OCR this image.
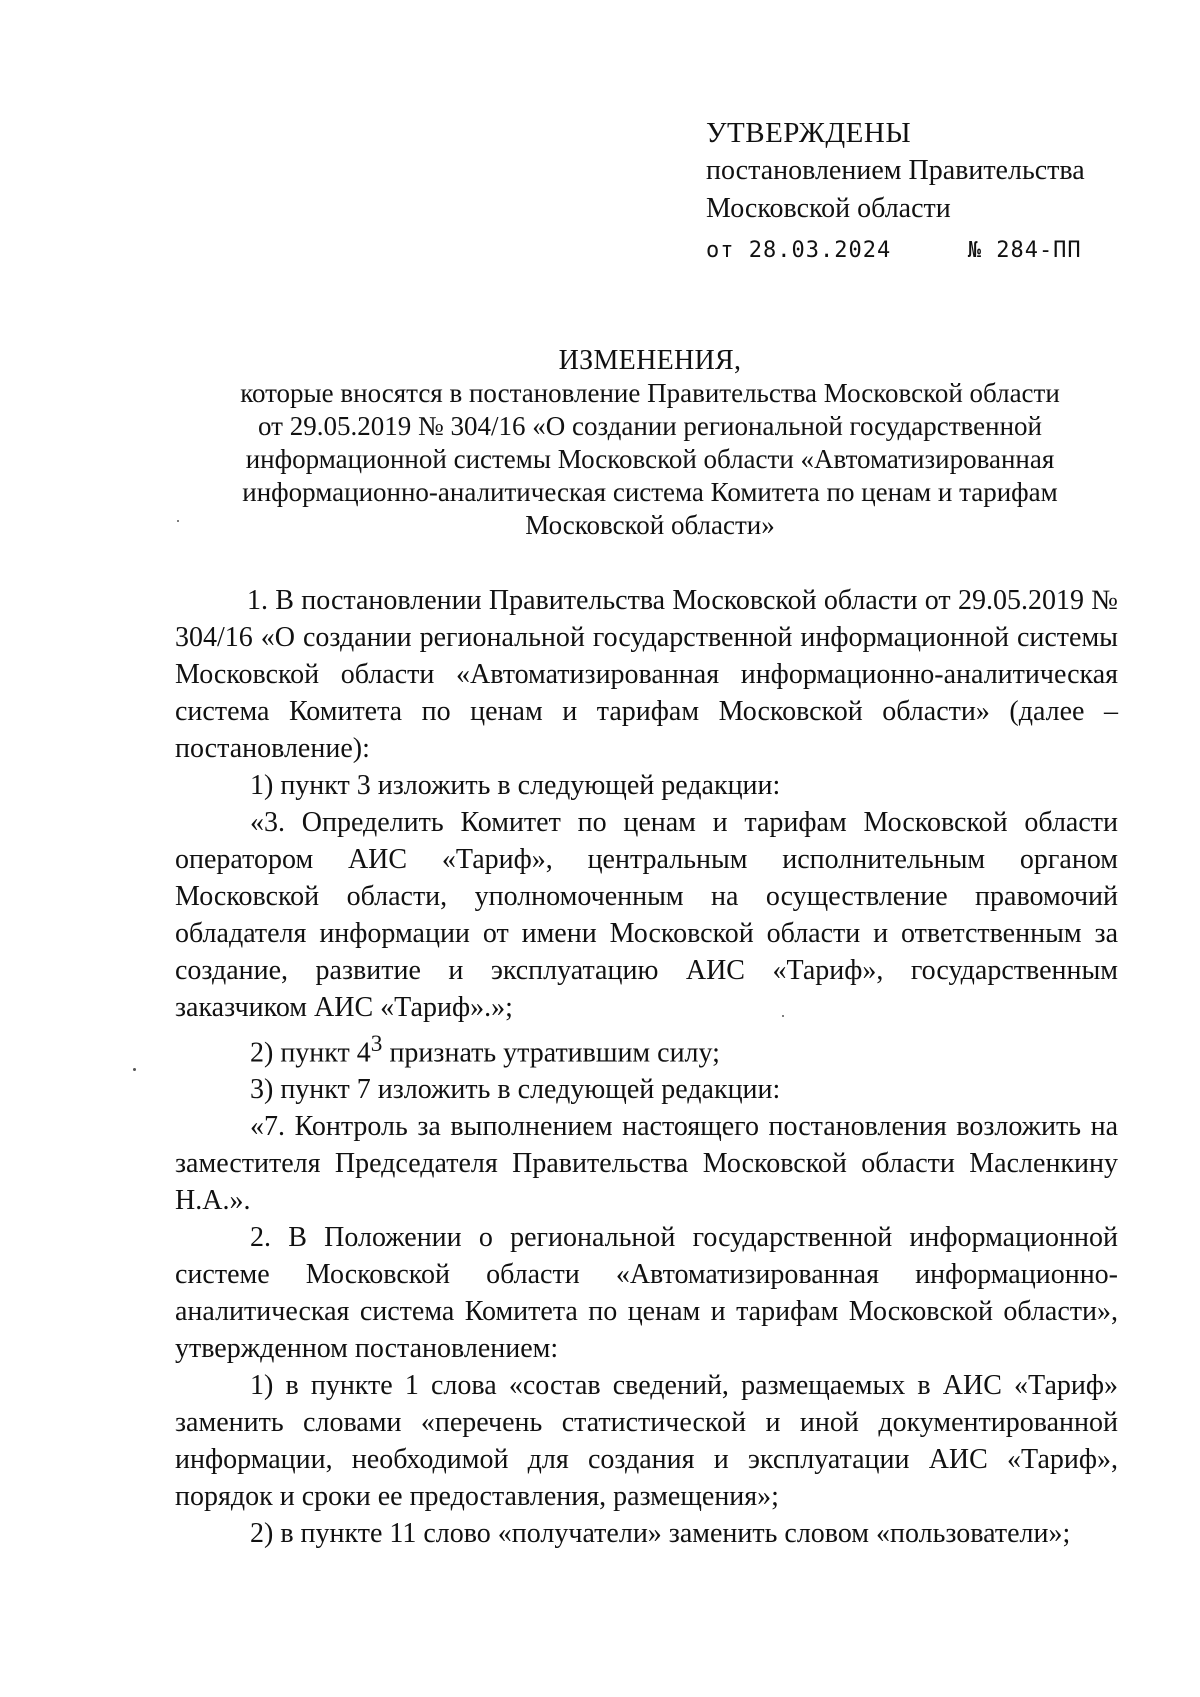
УТВЕРЖДЕНЫ
постановлением Правительства
Московской области
от 28.03.2024	№ 284-ПП
ИЗМЕНЕНИЯ,
которые вносятся в постановление Правительства Московской области
от 29.05.2019 № 304/16 «О создании региональной государственной
информационной системы Московской области «Автоматизированная
информационно-аналитическая система Комитета по ценам и тарифам
Московской области»

1. В постановлении Правительства Московской области от 29.05.2019 № 304/16 «О создании региональной государственной информационной системы Московской области «Автоматизированная информационно-аналитическая система Комитета по ценам и тарифам Московской области» (далее – постановление):

1) пункт 3 изложить в следующей редакции:

«3. Определить Комитет по ценам и тарифам Московской области оператором АИС «Тариф», центральным исполнительным органом Московской области, уполномоченным на осуществление правомочий обладателя информации от имени Московской области и ответственным за создание, развитие и эксплуатацию АИС «Тариф», государственным заказчиком АИС «Тариф».»;

2) пункт $4^3$ признать утратившим силу;

3) пункт 7 изложить в следующей редакции:

«7. Контроль за выполнением настоящего постановления возложить на заместителя Председателя Правительства Московской области Масленкину Н.А.».

2. В Положении о региональной государственной информационной системе Московской области «Автоматизированная информационно-аналитическая система Комитета по ценам и тарифам Московской области», утвержденном постановлением:

1) в пункте 1 слова «состав сведений, размещаемых в АИС «Тариф» заменить словами «перечень статистической и иной документированной информации, необходимой для создания и эксплуатации АИС «Тариф», порядок и сроки ее предоставления, размещения»;

2) в пункте 11 слово «получатели» заменить словом «пользователи»;
